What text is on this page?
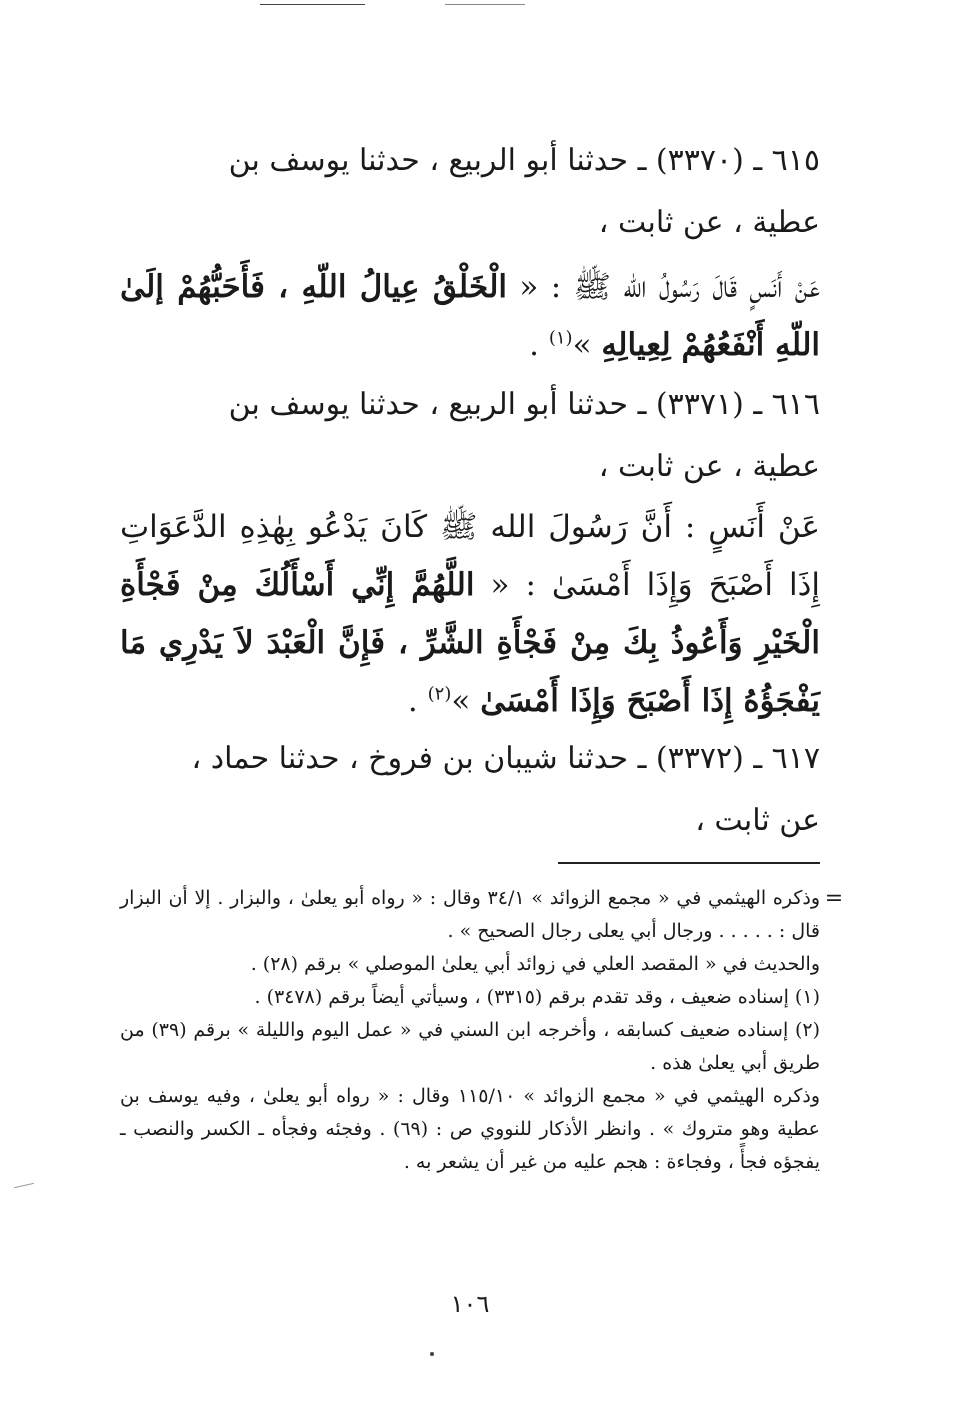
٦١٥ ـ (٣٣٧٠) ـ حدثنا أبو الربيع ، حدثنا يوسف بن
عطية ، عن ثابت ،
عَنْ أَنَسٍ قَالَ رَسُولُ الله ﷺ : « الْخَلْقُ عِيالُ اللّهِ ، فَأَحَبُّهُمْ إلَىٰ اللّهِ أَنْفَعُهُمْ لِعِيالِهِ »$^{(١)}$ .
٦١٦ ـ (٣٣٧١) ـ حدثنا أبو الربيع ، حدثنا يوسف بن
عطية ، عن ثابت ،
عَنْ أَنَسٍ : أَنَّ رَسُولَ الله ﷺ كَانَ يَدْعُو بِهٰذِهِ الدَّعَوَاتِ إِذَا أَصْبَحَ وَإِذَا أَمْسَىٰ : « اللَّهُمَّ إِنِّي أَسْأَلُكَ مِنْ فَجْأَةِ الْخَيْرِ وَأَعُوذُ بِكَ مِنْ فَجْأَةِ الشَّرِّ ، فَإِنَّ الْعَبْدَ لاَ يَدْرِي مَا يَفْجَؤُهُ إِذَا أَصْبَحَ وَإِذَا أَمْسَىٰ »$^{(٢)}$ .
٦١٧ ـ (٣٣٧٢) ـ حدثنا شيبان بن فروخ ، حدثنا حماد ،
عن ثابت ،
=

وذكره الهيثمي في « مجمع الزوائد » ٣٤/١ وقال : « رواه أبو يعلىٰ ، والبزار . إلا أن البزار قال : . . . . . ورجال أبي يعلى رجال الصحيح » .

والحديث في « المقصد العلي في زوائد أبي يعلىٰ الموصلي » برقم (٢٨) .

(١) إسناده ضعيف ، وقد تقدم برقم (٣٣١٥) ، وسيأتي أيضاً برقم (٣٤٧٨) .

(٢) إسناده ضعيف كسابقه ، وأخرجه ابن السني في « عمل اليوم والليلة » برقم (٣٩) من طريق أبي يعلىٰ هذه .

وذكره الهيثمي في « مجمع الزوائد » ١١٥/١٠ وقال : « رواه أبو يعلىٰ ، وفيه يوسف بن عطية وهو متروك » . وانظر الأذكار للنووي ص : (٦٩) . وفجئه وفجأه ـ الكسر والنصب ـ يفجؤه فجأً ، وفجاءة : هجم عليه من غير أن يشعر به .

١٠٦
